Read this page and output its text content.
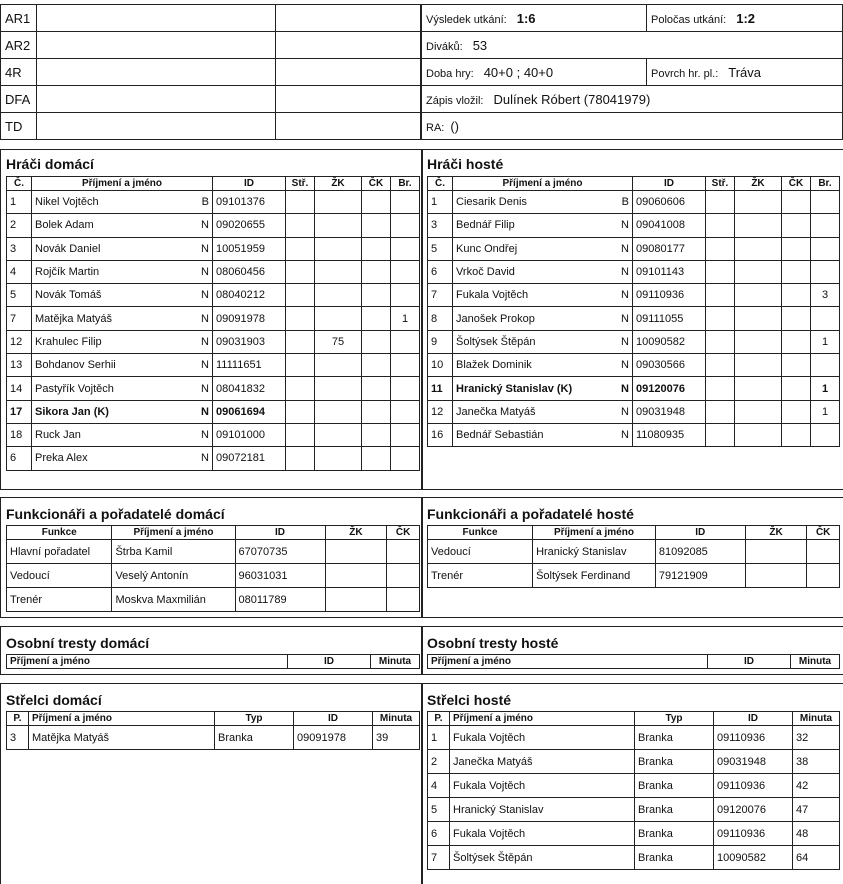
AR1		
AR2		
4R		
DFA		
TD		
Výsledek utkání: 1:6	Poločas utkání: 1:2
Diváků: 53	
Doba hry: 40+0 ; 40+0	Povrch hr. pl.: Tráva
Zápis vložil: Dulínek Róbert (78041979)	
RA: ()	
Hráči domácí
Č.	Příjmení a jméno	ID	Stř.	ŽK	ČK	Br.
1	Nikel Vojtěch B	09101376				
2	Bolek Adam N	09020655				
3	Novák Daniel N	10051959				
4	Rojčík Martin N	08060456				
5	Novák Tomáš N	08040212				
7	Matějka Matyáš N	09091978				1
12	Krahulec Filip N	09031903		75		
13	Bohdanov Serhii N	11111651				
14	Pastyřík Vojtěch N	08041832				
17	Sikora Jan (K) N	09061694				
18	Ruck Jan N	09101000				
6	Preka Alex N	09072181				
Hráči hosté
Č.	Příjmení a jméno	ID	Stř.	ŽK	ČK	Br.
1	Ciesarik Denis B	09060606				
3	Bednář Filip N	09041008				
5	Kunc Ondřej N	09080177				
6	Vrkoč David N	09101143				
7	Fukala Vojtěch N	09110936				3
8	Janošek Prokop N	09111055				
9	Šoltýsek Štěpán N	10090582				1
10	Blažek Dominik N	09030566				
11	Hranický Stanislav (K) N	09120076				1
12	Janečka Matyáš N	09031948				1
16	Bednář Sebastián N	11080935				
Funkcionáři a pořadatelé domácí
Funkce	Příjmení a jméno	ID	ŽK	ČK
Hlavní pořadatel	Štrba Kamil	67070735		
Vedoucí	Veselý Antonín	96031031		
Trenér	Moskva Maxmilián	08011789		
Funkcionáři a pořadatelé hosté
Funkce	Příjmení a jméno	ID	ŽK	ČK
Vedoucí	Hranický Stanislav	81092085		
Trenér	Šoltýsek Ferdinand	79121909		
Osobní tresty domácí
Příjmení a jméno	ID	Minuta
Osobní tresty hosté
Příjmení a jméno	ID	Minuta
Střelci domácí
P.	Příjmení a jméno	Typ	ID	Minuta
3	Matějka Matyáš	Branka	09091978	39
Střelci hosté
P.	Příjmení a jméno	Typ	ID	Minuta
1	Fukala Vojtěch	Branka	09110936	32
2	Janečka Matyáš	Branka	09031948	38
4	Fukala Vojtěch	Branka	09110936	42
5	Hranický Stanislav	Branka	09120076	47
6	Fukala Vojtěch	Branka	09110936	48
7	Šoltýsek Štěpán	Branka	10090582	64
